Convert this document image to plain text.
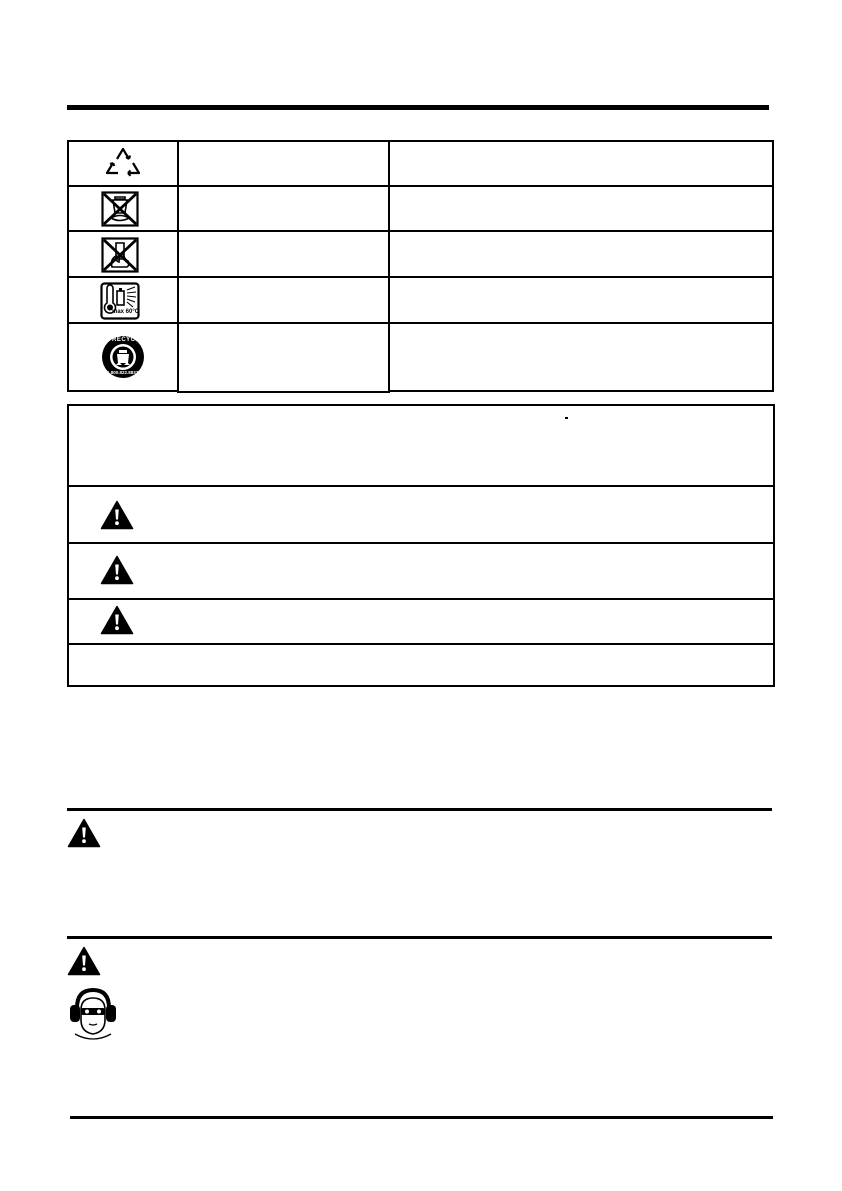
max 60°C
RECYCLE
1.800.822.8837
